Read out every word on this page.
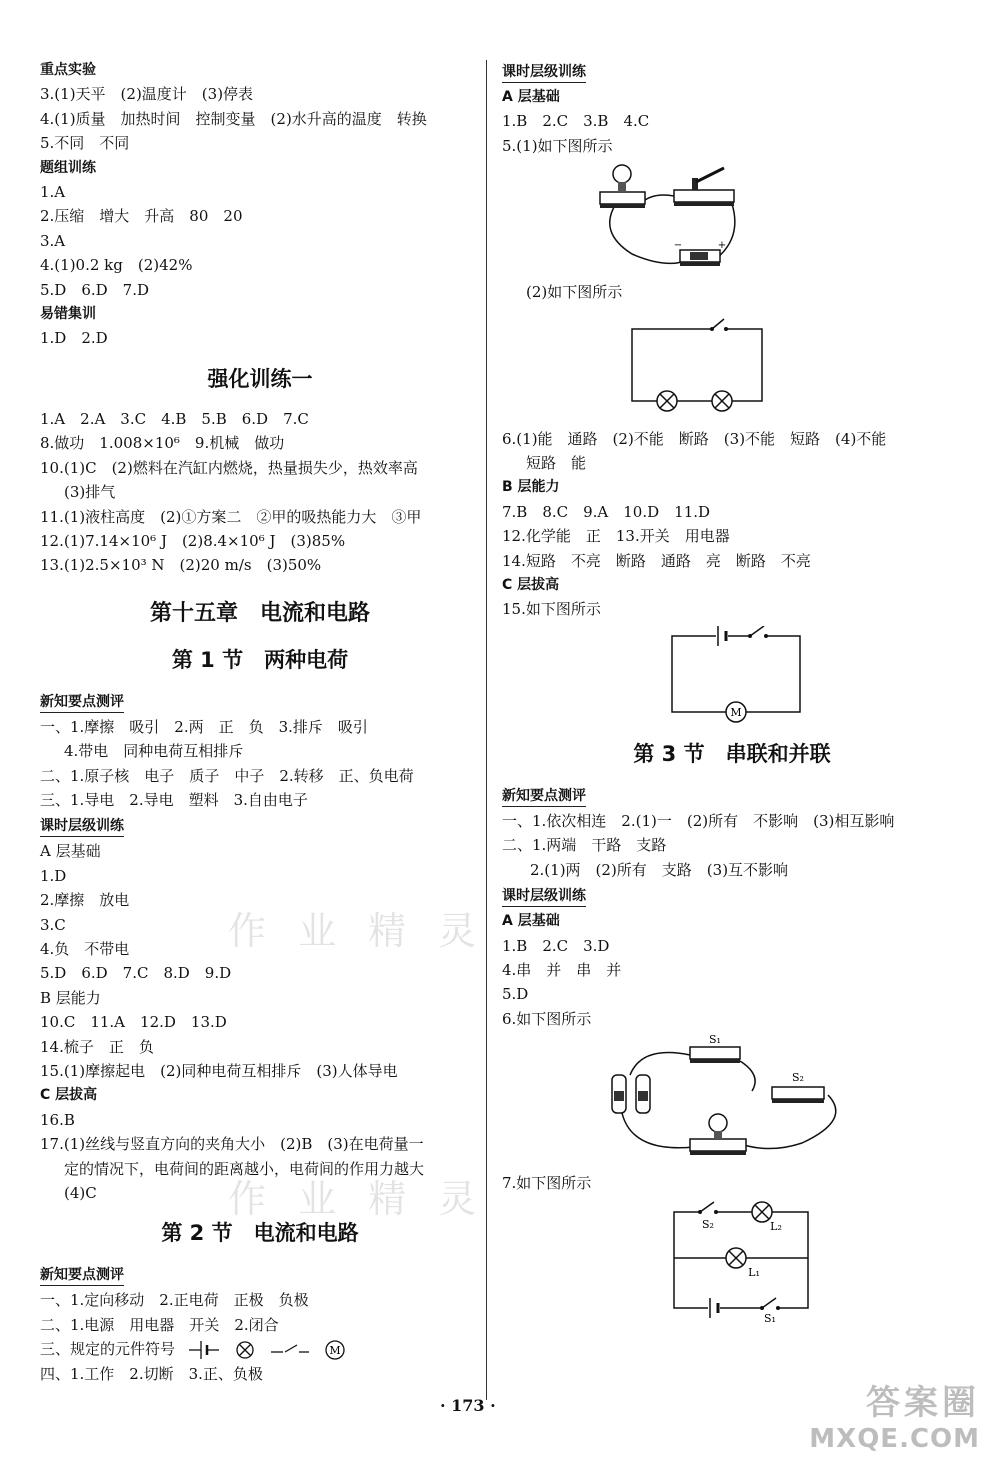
重点实验
3.(1)天平　(2)温度计　(3)停表
4.(1)质量　加热时间　控制变量　(2)水升高的温度　转换
5.不同　不同
题组训练
1.A
2.压缩　增大　升高　80　20
3.A
4.(1)0.2 kg　(2)42%
5.D　6.D　7.D
易错集训
1.D　2.D
强化训练一
1.A　2.A　3.C　4.B　5.B　6.D　7.C
8.做功　1.008×10⁶　9.机械　做功
10.(1)C　(2)燃料在汽缸内燃烧，热量损失少，热效率高
(3)排气
11.(1)液柱高度　(2)①方案二　②甲的吸热能力大　③甲
12.(1)7.14×10⁶ J　(2)8.4×10⁶ J　(3)85%
13.(1)2.5×10³ N　(2)20 m/s　(3)50%
第十五章　电流和电路
第 1 节　两种电荷
新知要点测评
一、1.摩擦　吸引　2.两　正　负　3.排斥　吸引
4.带电　同种电荷互相排斥
二、1.原子核　电子　质子　中子　2.转移　正、负电荷
三、1.导电　2.导电　塑料　3.自由电子
课时层级训练
A 层基础
1.D
2.摩擦　放电
3.C
4.负　不带电
5.D　6.D　7.C　8.D　9.D
B 层能力
10.C　11.A　12.D　13.D
14.梳子　正　负
15.(1)摩擦起电　(2)同种电荷互相排斥　(3)人体导电
C 层拔高
16.B
17.(1)丝线与竖直方向的夹角大小　(2)B　(3)在电荷量一
定的情况下，电荷间的距离越小，电荷间的作用力越大
(4)C
第 2 节　电流和电路
新知要点测评
一、1.定向移动　2.正电荷　正极　负极
二、1.电源　用电器　开关　2.闭合
三、规定的元件符号	M
四、1.工作　2.切断　3.正、负极
课时层级训练
A 层基础
1.B　2.C　3.B　4.C
5.(1)如下图所示
−	+
(2)如下图所示
6.(1)能　通路　(2)不能　断路　(3)不能　短路　(4)不能
短路　能
B 层能力
7.B　8.C　9.A　10.D　11.D
12.化学能　正　13.开关　用电器
14.短路　不亮　断路　通路　亮　断路　不亮
C 层拔高
15.如下图所示
M
第 3 节　串联和并联
新知要点测评
一、1.依次相连　2.(1)一　(2)所有　不影响　(3)相互影响
二、1.两端　干路　支路
2.(1)两　(2)所有　支路　(3)互不影响
课时层级训练
A 层基础
1.B　2.C　3.D
4.串　并　串　并
5.D
6.如下图所示
S₁
S₂
7.如下图所示
S₂	L₂
L₁
S₁
作 业 精 灵
作 业 精 灵
· 173 ·	答案圈
MXQE.COM
